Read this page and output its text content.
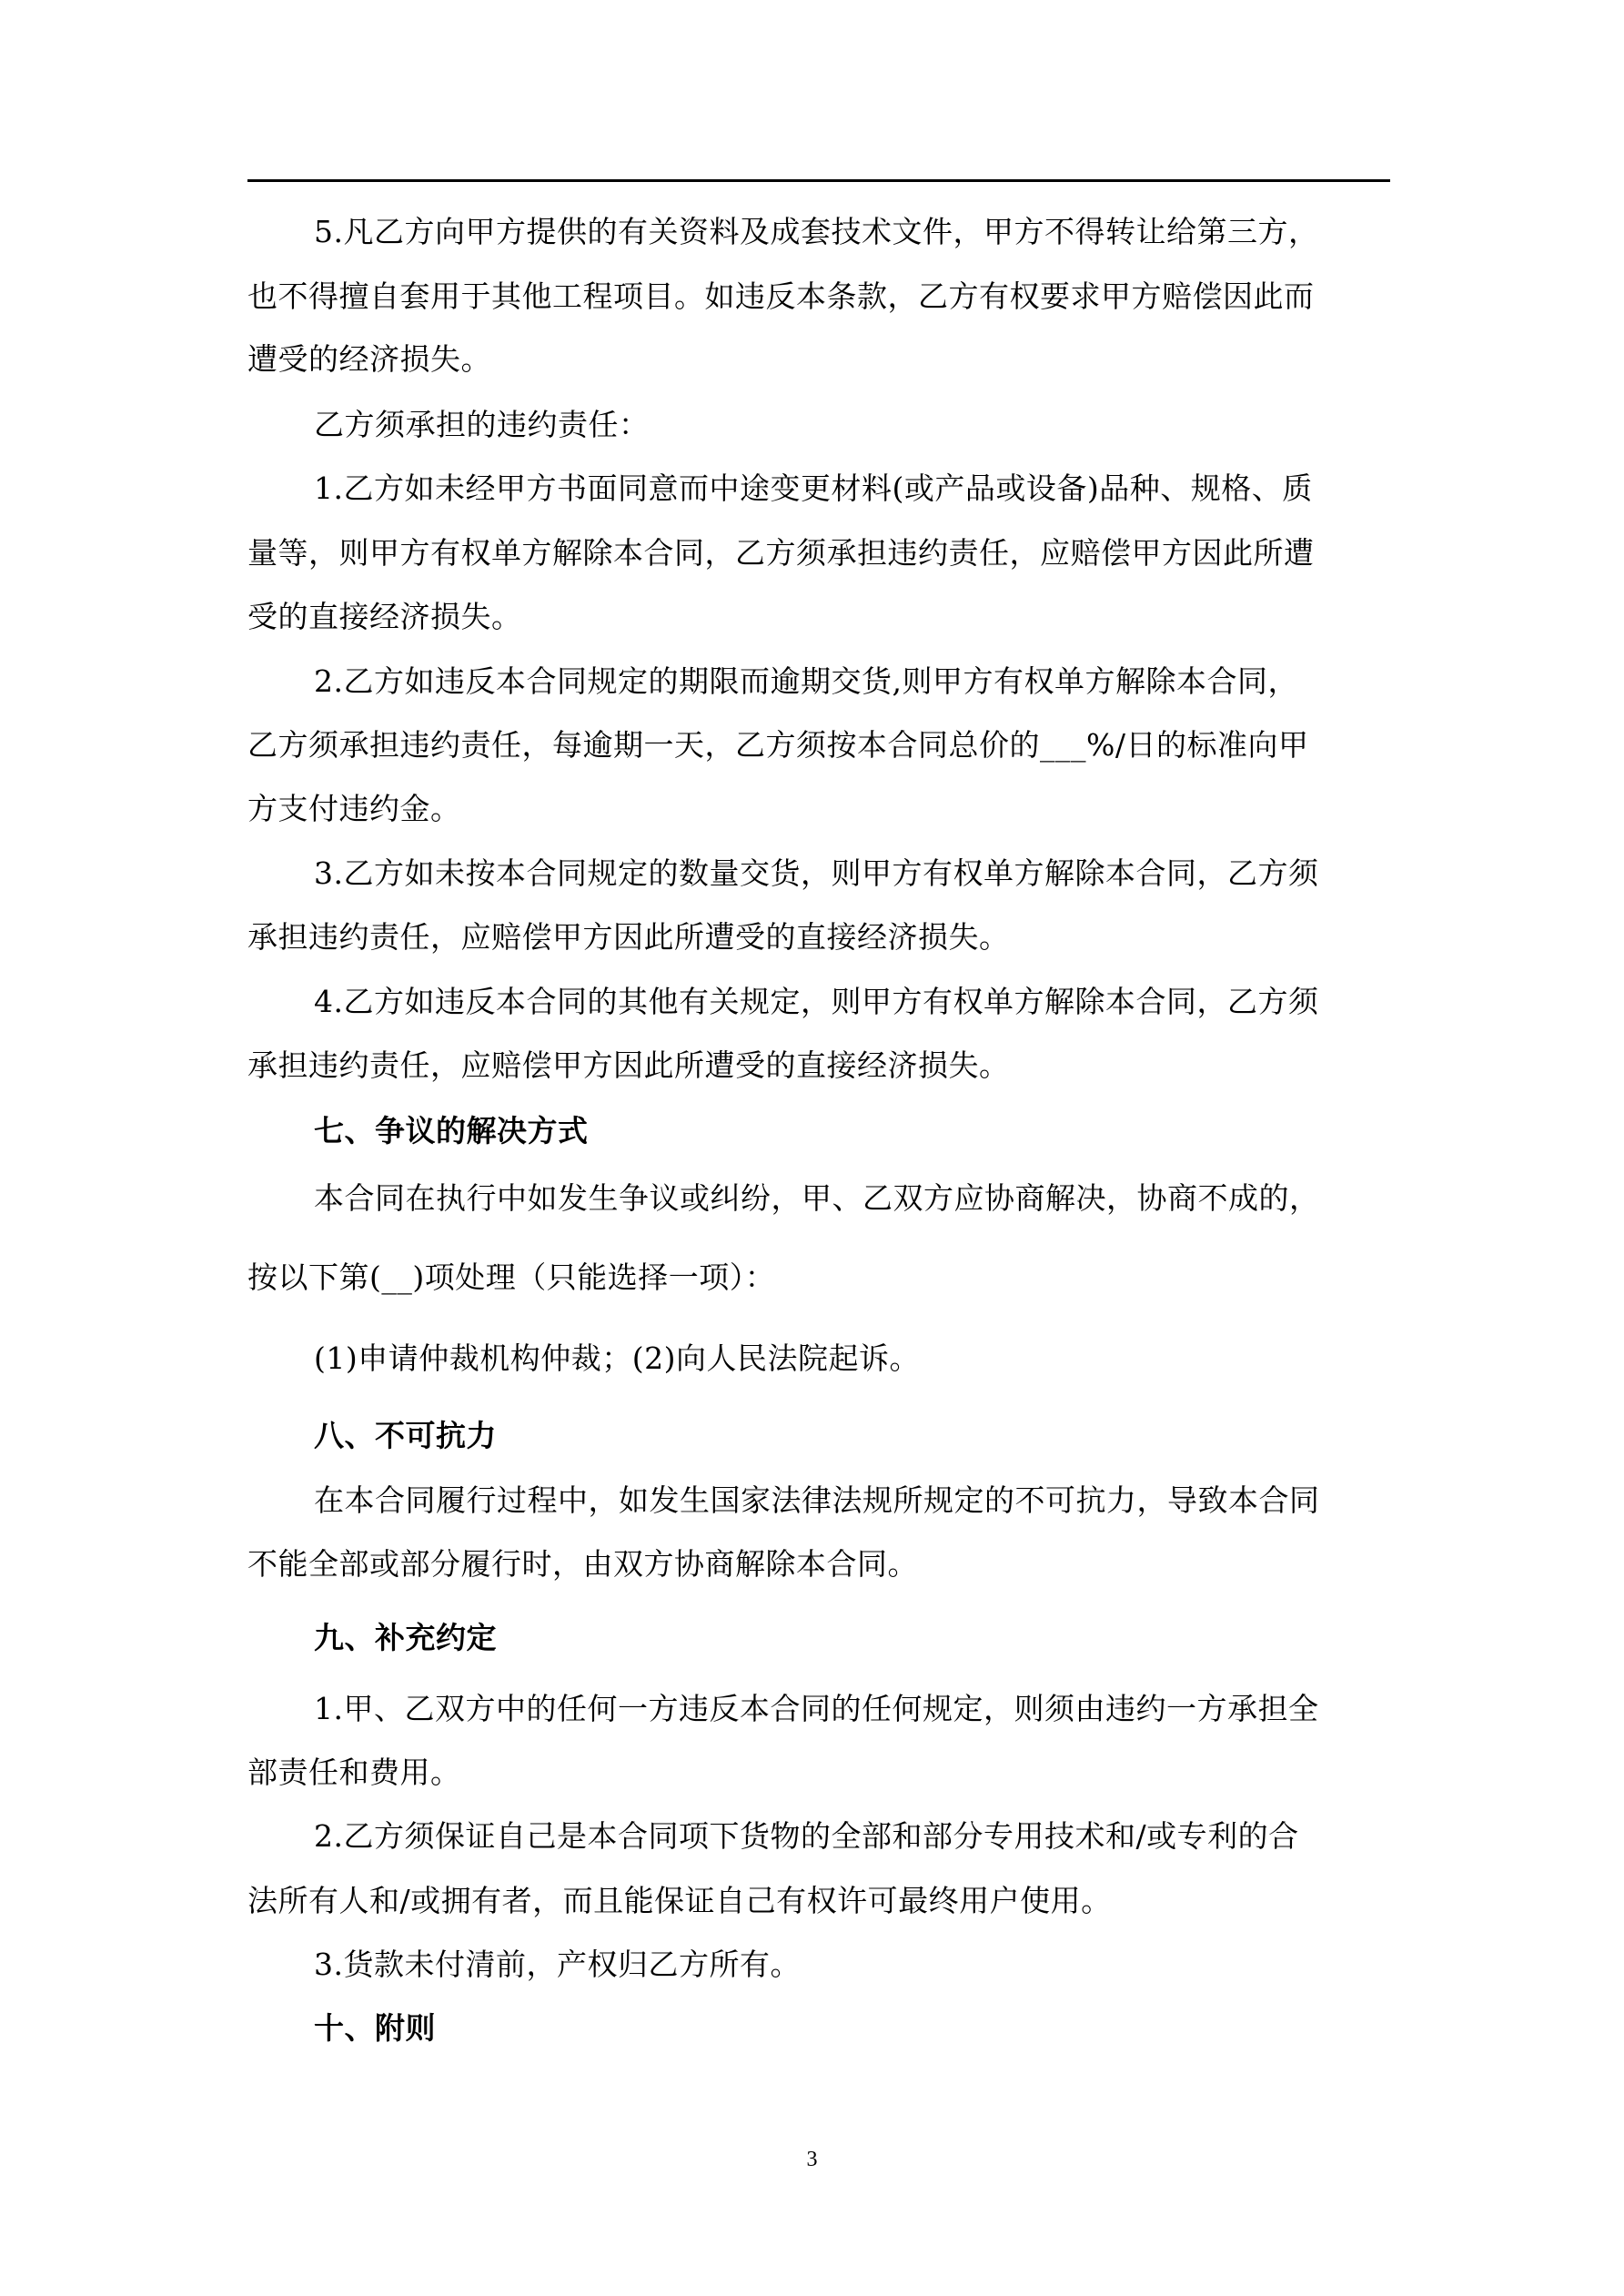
5.凡乙方向甲方提供的有关资料及成套技术文件，甲方不得转让给第三方，
也不得擅自套用于其他工程项目。如违反本条款，乙方有权要求甲方赔偿因此而
遭受的经济损失。
乙方须承担的违约责任：
1.乙方如未经甲方书面同意而中途变更材料(或产品或设备)品种、规格、质
量等，则甲方有权单方解除本合同，乙方须承担违约责任，应赔偿甲方因此所遭
受的直接经济损失。
2.乙方如违反本合同规定的期限而逾期交货,则甲方有权单方解除本合同，
乙方须承担违约责任，每逾期一天，乙方须按本合同总价的___%/日的标准向甲
方支付违约金。
3.乙方如未按本合同规定的数量交货，则甲方有权单方解除本合同，乙方须
承担违约责任，应赔偿甲方因此所遭受的直接经济损失。
4.乙方如违反本合同的其他有关规定，则甲方有权单方解除本合同，乙方须
承担违约责任，应赔偿甲方因此所遭受的直接经济损失。
七、争议的解决方式
本合同在执行中如发生争议或纠纷，甲、乙双方应协商解决，协商不成的，
按以下第(__)项处理（只能选择一项）：
(1)申请仲裁机构仲裁；(2)向人民法院起诉。
八、不可抗力
在本合同履行过程中，如发生国家法律法规所规定的不可抗力，导致本合同
不能全部或部分履行时，由双方协商解除本合同。
九、补充约定
1.甲、乙双方中的任何一方违反本合同的任何规定，则须由违约一方承担全
部责任和费用。
2.乙方须保证自己是本合同项下货物的全部和部分专用技术和/或专利的合
法所有人和/或拥有者，而且能保证自己有权许可最终用户使用。
3.货款未付清前，产权归乙方所有。
十、附则
3
